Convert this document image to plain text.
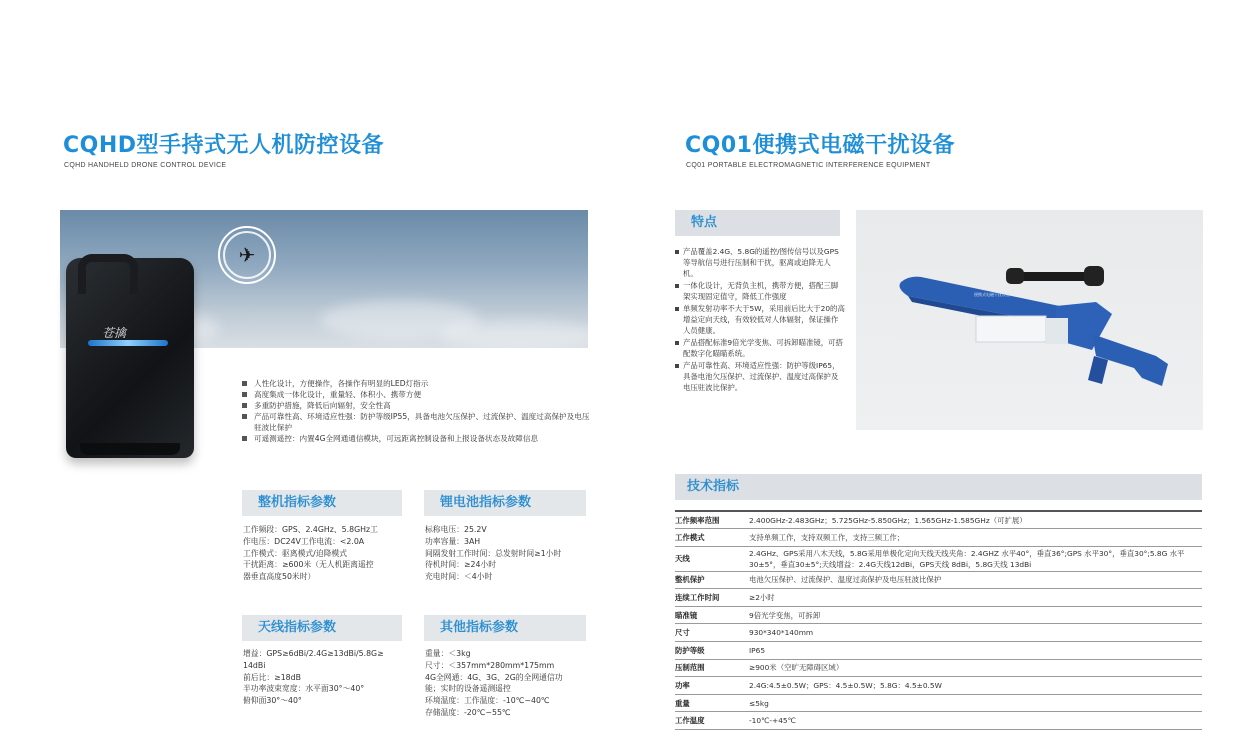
CQHD型手持式无人机防控设备
CQHD HANDHELD DRONE CONTROL DEVICE
✈
苍擒
人性化设计，方便操作，各操作有明显的LED灯指示
高度集成一体化设计，重量轻、体积小、携带方便
多重防护措施，降低后向辐射，安全性高
产品可靠性高、环境适应性强：防护等级IP55，具备电池欠压保护、过流保护、温度过高保护及电压驻波比保护
可遥测遥控：内置4G全网通通信模块，可远距离控制设备和上报设备状态及故障信息
整机指标参数
工作频段：GPS、2.4GHz、5.8GHz工
作电压：DC24V工作电流：<2.0A
工作模式：驱离模式/迫降模式
干扰距离：≥600米（无人机距离遥控
器垂直高度50米时）
锂电池指标参数
标称电压：25.2V
功率容量：3AH
间隔发射工作时间：总发射时间≥1小时
待机时间：≥24小时
充电时间：＜4小时
天线指标参数
增益：GPS≥6dBi/2.4G≥13dBi/5.8G≥
14dBi
前后比：≥18dB
半功率波束宽度：水平面30°～40°
俯仰面30°～40°
其他指标参数
重量：＜3kg
尺寸：＜357mm*280mm*175mm
4G全网通：4G、3G、2G的全网通信功
能；实时的设备遥测遥控
环境温度：工作温度：-10℃~40℃
存储温度：-20℃~55℃
CQ01便携式电磁干扰设备
CQ01 PORTABLE ELECTROMAGNETIC INTERFERENCE EQUIPMENT
特点
产品覆盖2.4G、5.8G的遥控/图传信号以及GPS等导航信号进行压制和干扰，驱离或迫降无人机。
一体化设计，无背负主机，携带方便，搭配三脚架实现固定值守，降低工作强度
单频发射功率不大于5W，采用前后比大于20的高增益定向天线，有效较低对人体辐射，保证操作人员健康。
产品搭配标准9倍光学变焦、可拆卸瞄准镜，可搭配数字化瞄瞄系统。
产品可靠性高、环境适应性强：防护等级IP65，具备电池欠压保护、过流保护、温度过高保护及电压驻波比保护。
便携式电磁干扰设备
技术指标
工作频率范围	2.400GHz-2.483GHz；5.725GHz-5.850GHz；1.565GHz-1.585GHz（可扩展）
工作模式	支持单频工作，支持双频工作，支持三频工作；
天线	2.4GHz、GPS采用八木天线，5.8G采用单极化定向天线天线夹角：2.4GHZ 水平40°，垂直36°;GPS 水平30°，垂直30°;5.8G 水平30±5°，垂直30±5°;天线增益：2.4G天线12dBi，GPS天线 8dBi，5.8G天线 13dBi
整机保护	电池欠压保护、过流保护、温度过高保护及电压驻波比保护
连续工作时间	≥2小时
瞄准镜	9倍光学变焦，可拆卸
尺寸	930*340*140mm
防护等级	IP65
压制范围	≥900米（空旷无障碍区域）
功率	2.4G:4.5±0.5W；GPS：4.5±0.5W；5.8G：4.5±0.5W
重量	≤5kg
工作温度	-10℃-+45℃
